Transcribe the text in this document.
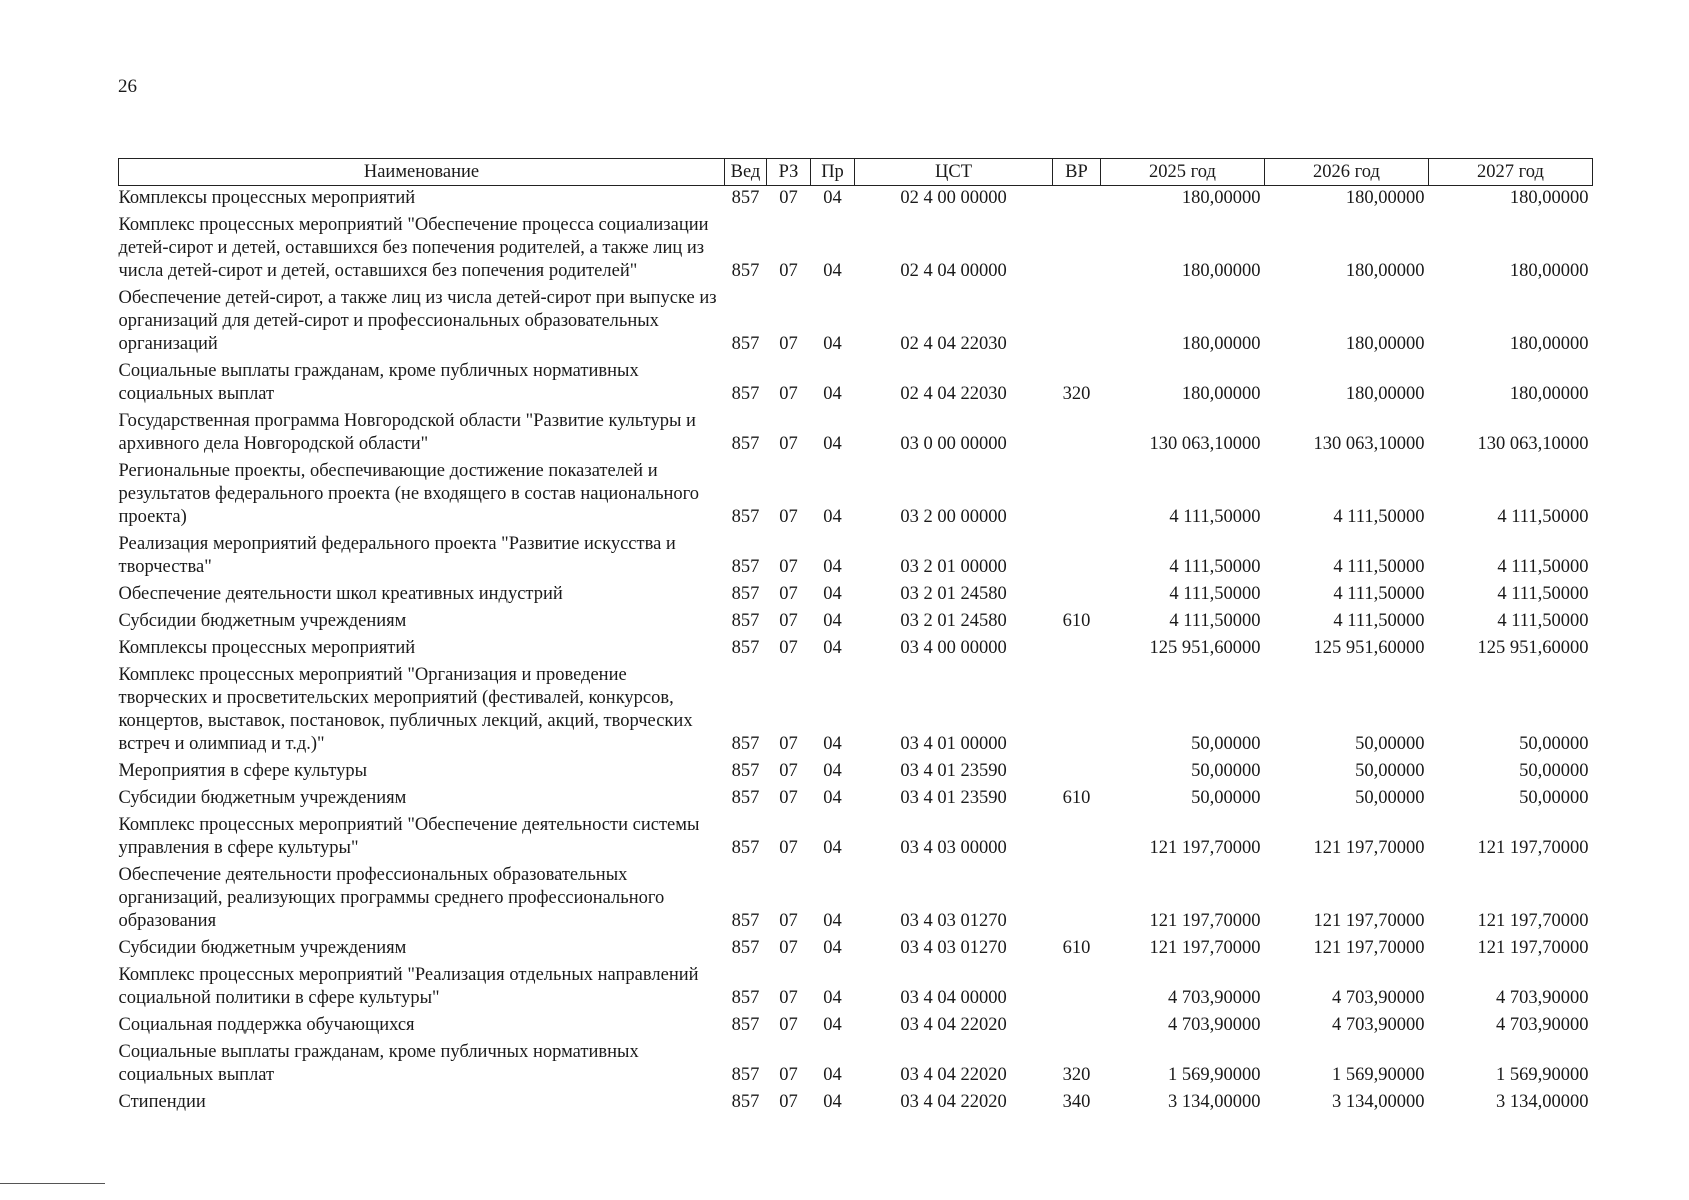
26
Наименование	Вед	РЗ	Пр	ЦСТ	ВР	2025 год	2026 год	2027 год
Комплексы процессных мероприятий	857	07	04	02 4 00 00000		180,00000	180,00000	180,00000
Комплекс процессных мероприятий "Обеспечение процесса социализации детей-сирот и детей, оставшихся без попечения родителей, а также лиц из числа детей-сирот и детей, оставшихся без попечения родителей"	857	07	04	02 4 04 00000		180,00000	180,00000	180,00000
Обеспечение детей-сирот, а также лиц из числа детей-сирот при выпуске из организаций для детей-сирот и профессиональных образовательных организаций	857	07	04	02 4 04 22030		180,00000	180,00000	180,00000
Социальные выплаты гражданам, кроме публичных нормативных социальных выплат	857	07	04	02 4 04 22030	320	180,00000	180,00000	180,00000
Государственная программа Новгородской области "Развитие культуры и архивного дела Новгородской области"	857	07	04	03 0 00 00000		130 063,10000	130 063,10000	130 063,10000
Региональные проекты, обеспечивающие достижение показателей и результатов федерального проекта (не входящего в состав национального проекта)	857	07	04	03 2 00 00000		4 111,50000	4 111,50000	4 111,50000
Реализация мероприятий федерального проекта "Развитие искусства и творчества"	857	07	04	03 2 01 00000		4 111,50000	4 111,50000	4 111,50000
Обеспечение деятельности школ креативных индустрий	857	07	04	03 2 01 24580		4 111,50000	4 111,50000	4 111,50000
Субсидии бюджетным учреждениям	857	07	04	03 2 01 24580	610	4 111,50000	4 111,50000	4 111,50000
Комплексы процессных мероприятий	857	07	04	03 4 00 00000		125 951,60000	125 951,60000	125 951,60000
Комплекс процессных мероприятий "Организация и проведение творческих и просветительских мероприятий (фестивалей, конкурсов, концертов, выставок, постановок, публичных лекций, акций, творческих встреч и олимпиад и т.д.)"	857	07	04	03 4 01 00000		50,00000	50,00000	50,00000
Мероприятия в сфере культуры	857	07	04	03 4 01 23590		50,00000	50,00000	50,00000
Субсидии бюджетным учреждениям	857	07	04	03 4 01 23590	610	50,00000	50,00000	50,00000
Комплекс процессных мероприятий "Обеспечение деятельности системы управления в сфере культуры"	857	07	04	03 4 03 00000		121 197,70000	121 197,70000	121 197,70000
Обеспечение деятельности профессиональных образовательных организаций, реализующих программы среднего профессионального образования	857	07	04	03 4 03 01270		121 197,70000	121 197,70000	121 197,70000
Субсидии бюджетным учреждениям	857	07	04	03 4 03 01270	610	121 197,70000	121 197,70000	121 197,70000
Комплекс процессных мероприятий "Реализация отдельных направлений социальной политики в сфере культуры"	857	07	04	03 4 04 00000		4 703,90000	4 703,90000	4 703,90000
Социальная поддержка обучающихся	857	07	04	03 4 04 22020		4 703,90000	4 703,90000	4 703,90000
Социальные выплаты гражданам, кроме публичных нормативных социальных выплат	857	07	04	03 4 04 22020	320	1 569,90000	1 569,90000	1 569,90000
Стипендии	857	07	04	03 4 04 22020	340	3 134,00000	3 134,00000	3 134,00000
